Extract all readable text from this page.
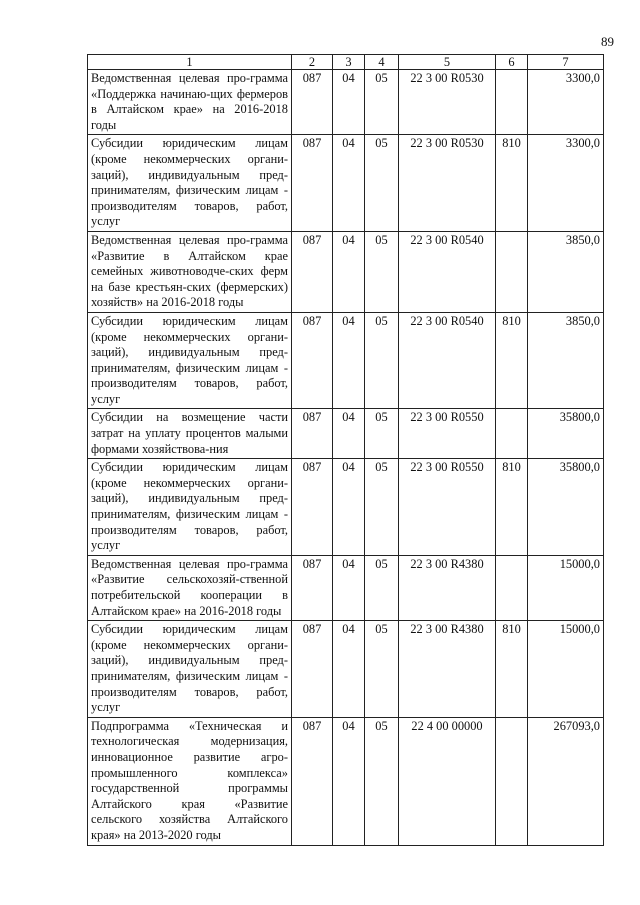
89
1	2	3	4	5	6	7
Ведомственная целевая про-грамма «Поддержка начинаю-щих фермеров в Алтайском крае» на 2016-2018 годы	087	04	05	22 3 00 R0530		3300,0
Субсидии юридическим лицам (кроме некоммерческих органи-заций), индивидуальным пред-принимателям, физическим лицам - производителям товаров, работ, услуг	087	04	05	22 3 00 R0530	810	3300,0
Ведомственная целевая про-грамма «Развитие в Алтайском крае семейных животноводче-ских ферм на базе крестьян-ских (фермерских) хозяйств» на 2016-2018 годы	087	04	05	22 3 00 R0540		3850,0
Субсидии юридическим лицам (кроме некоммерческих органи-заций), индивидуальным пред-принимателям, физическим лицам - производителям товаров, работ, услуг	087	04	05	22 3 00 R0540	810	3850,0
Субсидии на возмещение части затрат на уплату процентов малыми формами хозяйствова-ния	087	04	05	22 3 00 R0550		35800,0
Субсидии юридическим лицам (кроме некоммерческих органи-заций), индивидуальным пред-принимателям, физическим лицам - производителям товаров, работ, услуг	087	04	05	22 3 00 R0550	810	35800,0
Ведомственная целевая про-грамма «Развитие сельскохозяй-ственной потребительской кооперации в Алтайском крае» на 2016-2018 годы	087	04	05	22 3 00 R4380		15000,0
Субсидии юридическим лицам (кроме некоммерческих органи-заций), индивидуальным пред-принимателям, физическим лицам - производителям товаров, работ, услуг	087	04	05	22 3 00 R4380	810	15000,0
Подпрограмма «Техническая и технологическая модернизация, инновационное развитие агро-промышленного комплекса» государственной программы Алтайского края «Развитие сельского хозяйства Алтайского края» на 2013-2020 годы	087	04	05	22 4 00 00000		267093,0
